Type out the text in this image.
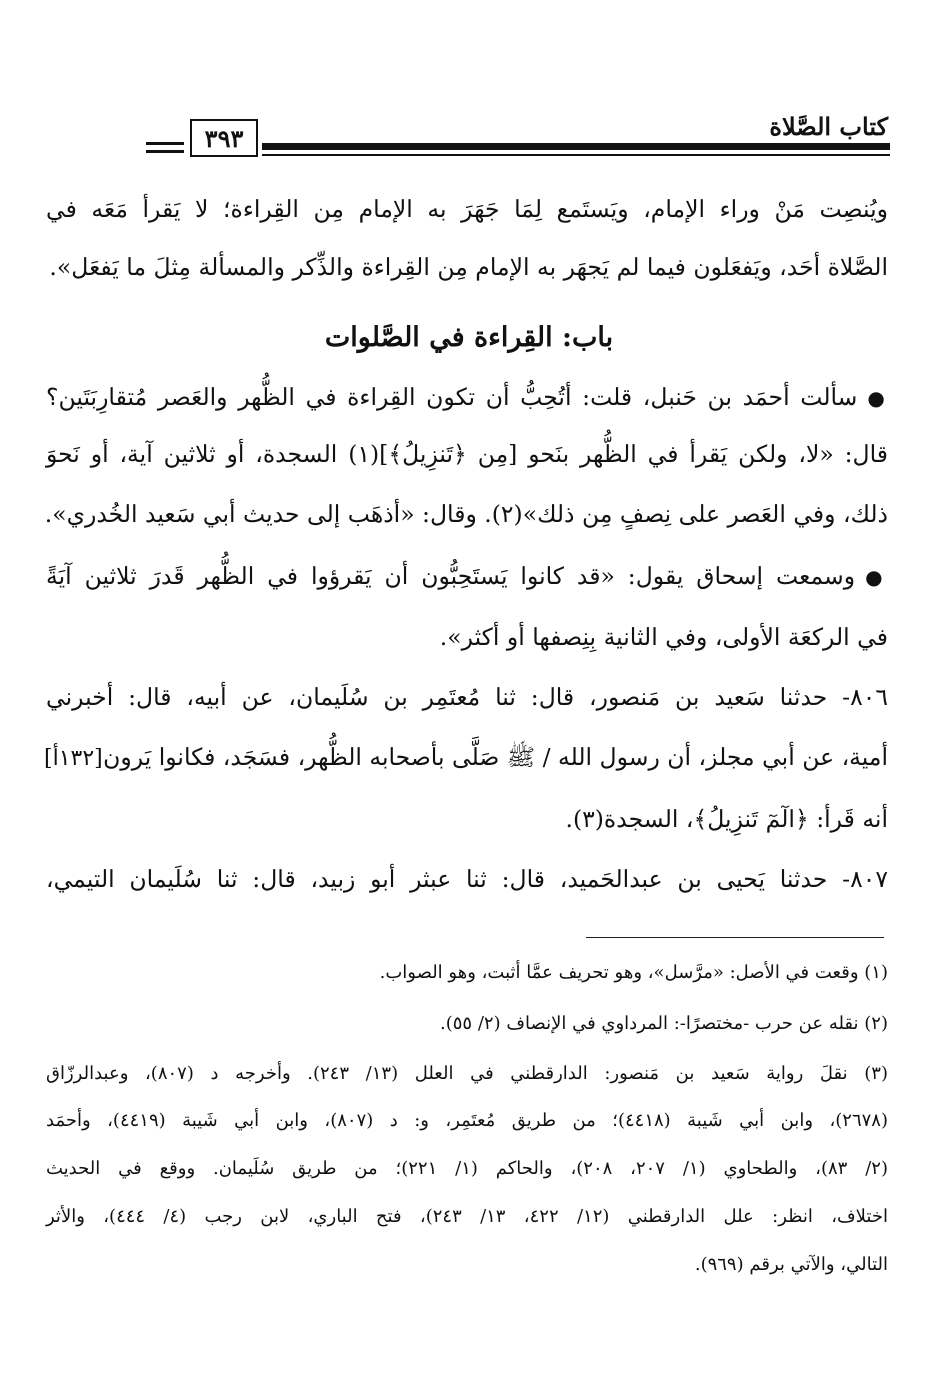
كتاب الصَّلاة
٣٩٣
ويُنصِت مَنْ وراء الإمام، ويَستَمع لِمَا جَهَرَ به الإمام مِن القِراءة؛ لا يَقرأ مَعَه في
الصَّلاة أحَد، ويَفعَلون فيما لم يَجهَر به الإمام مِن القِراءة والذِّكر والمسألة مِثلَ ما يَفعَل».
باب: القِراءة في الصَّلوات
●سألت أحمَد بن حَنبل، قلت: أتُحِبُّ أن تكون القِراءة في الظُّهر والعَصر مُتقارِبَتَين؟
قال: «لا، ولكن يَقرأ في الظُّهر بنَحو [مِن ﴿تَنزِيلُ﴾](١) السجدة، أو ثلاثين آية، أو نَحوَ
ذلك، وفي العَصر على نِصفٍ مِن ذلك»(٢). وقال: «أذهَب إلى حديث أبي سَعيد الخُدري».
●وسمعت إسحاق يقول: «قد كانوا يَستَحِبُّون أن يَقرؤوا في الظُّهر قَدرَ ثلاثين آيَةً
في الركعَة الأولى، وفي الثانية بِنِصفها أو أكثر».
٨٠٦- حدثنا سَعيد بن مَنصور، قال: ثنا مُعتَمِر بن سُلَيمان، عن أبيه، قال: أخبرني
أمية، عن أبي مجلز، أن رسول الله / ﷺ صَلَّى بأصحابه الظُّهر، فسَجَد، فكانوا يَرون
[١٣٢أ]
أنه قَرأ: ﴿الٓمٓ تَنزِيلُ﴾، السجدة(٣).
٨٠٧- حدثنا يَحيى بن عبدالحَميد، قال: ثنا عبثر أبو زبيد، قال: ثنا سُلَيمان التيمي،
(١) وقعت في الأصل: «مرَّسل»، وهو تحريف عمَّا أثبت، وهو الصواب.
(٢) نقله عن حرب -مختصرًا-: المرداوي في الإنصاف (٢/ ٥٥).
(٣) نقلَ رواية سَعيد بن مَنصور: الدارقطني في العلل (١٣/ ٢٤٣). وأخرجه د (٨٠٧)، وعبدالرزّاق
(٢٦٧٨)، وابن أبي شَيبة (٤٤١٨)؛ من طريق مُعتَمِر، و: د (٨٠٧)، وابن أبي شَيبة (٤٤١٩)، وأحمَد
(٢/ ٨٣)، والطحاوي (١/ ٢٠٧، ٢٠٨)، والحاكم (١/ ٢٢١)؛ من طريق سُلَيمان. ووقع في الحديث
اختلاف، انظر: علل الدارقطني (١٢/ ٤٢٢، ١٣/ ٢٤٣)، فتح الباري، لابن رجب (٤/ ٤٤٤)، والأثر
التالي، والآتي برقم (٩٦٩).
